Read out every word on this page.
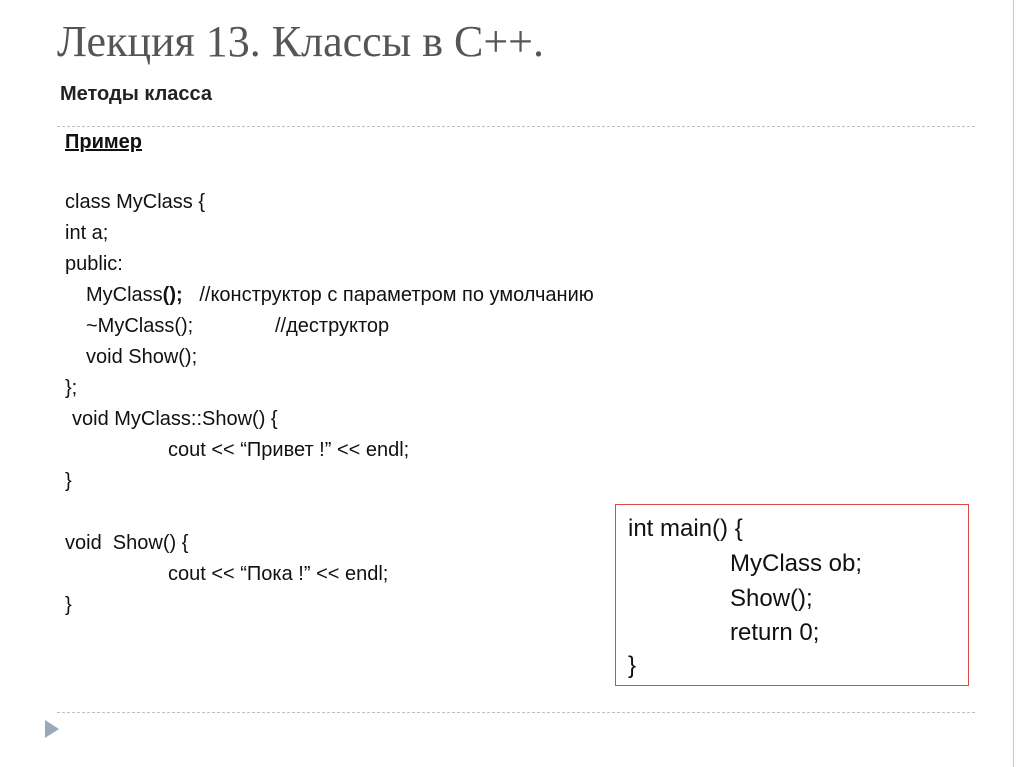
Лекция 13. Классы в С++.
Методы класса
Пример
class MyClass {
int a;
public:
MyClass();   //конструктор с параметром по умолчанию
~MyClass();	//деструктор
void Show();
};
void MyClass::Show() {
cout << “Привет !” << endl;
}
void  Show() {
cout << “Пока !” << endl;
}
int main() {
MyClass ob;
Show();
return 0;
}
